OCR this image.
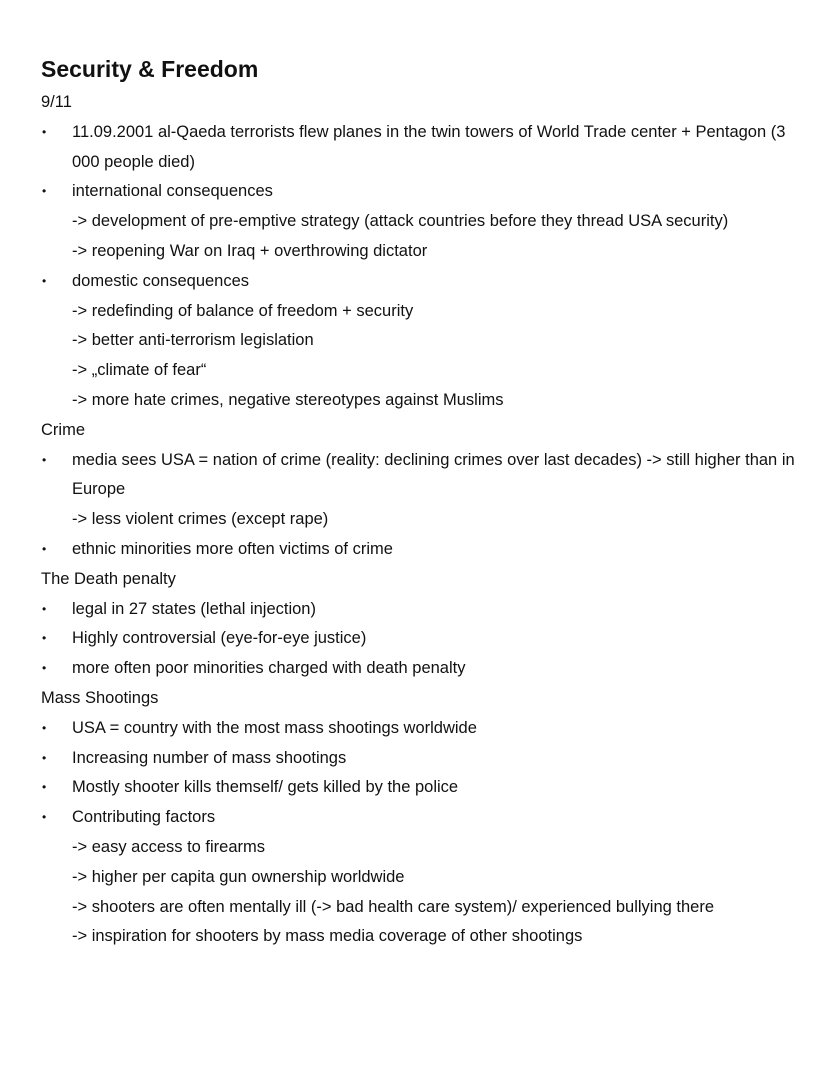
Security & Freedom
9/11
• 11.09.2001 al-Qaeda terrorists flew planes in the twin towers of World Trade center + Pentagon (3 000 people died)
• international consequences
-> development of pre-emptive strategy (attack countries before they thread USA security)
-> reopening War on Iraq + overthrowing dictator
• domestic consequences
-> redefinding of balance of freedom + security
-> better anti-terrorism legislation
-> „climate of fear“
-> more hate crimes, negative stereotypes against Muslims
Crime
• media sees USA = nation of crime (reality: declining crimes over last decades) -> still higher than in Europe
-> less violent crimes (except rape)
• ethnic minorities more often victims of crime
The Death penalty
• legal in 27 states (lethal injection)
• Highly controversial (eye-for-eye justice)
• more often poor minorities charged with death penalty
Mass Shootings
• USA = country with the most mass shootings worldwide
• Increasing number of mass shootings
• Mostly shooter kills themself/ gets killed by the police
• Contributing factors
-> easy access to firearms
-> higher per capita gun ownership worldwide
-> shooters are often mentally ill (-> bad health care system)/ experienced bullying there
-> inspiration for shooters by mass media coverage of other shootings
